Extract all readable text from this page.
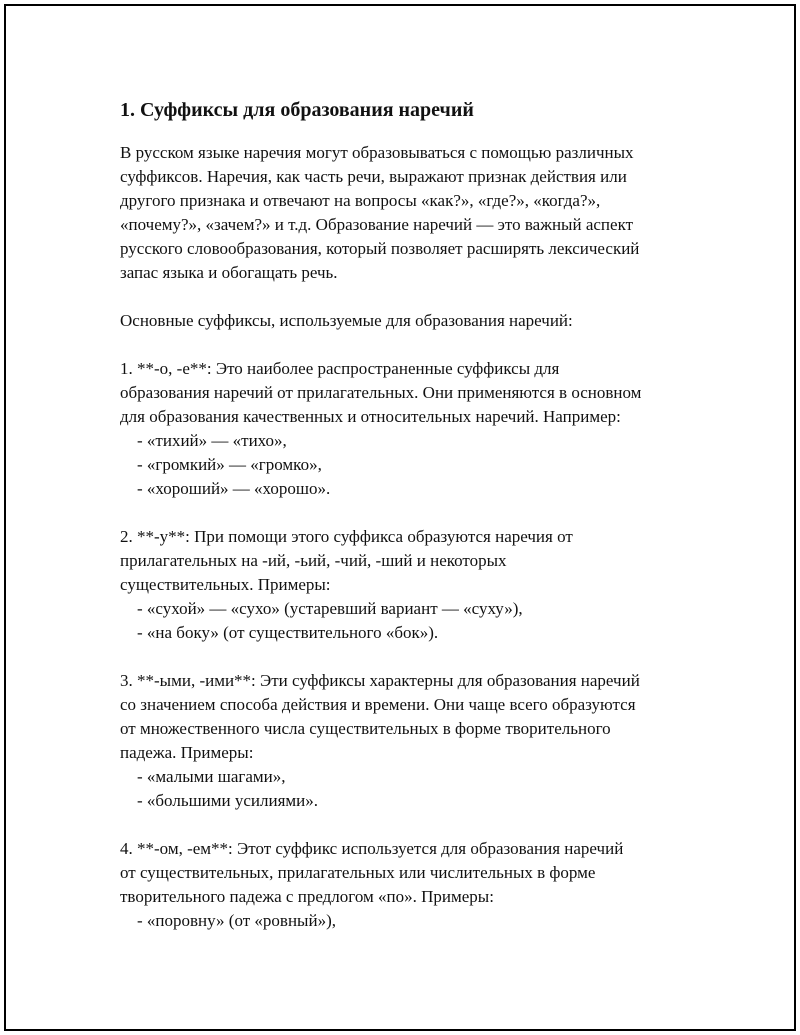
1. Суффиксы для образования наречий

В русском языке наречия могут образовываться с помощью различных

суффиксов. Наречия, как часть речи, выражают признак действия или

другого признака и отвечают на вопросы «как?», «где?», «когда?»,

«почему?», «зачем?» и т.д. Образование наречий — это важный аспект

русского словообразования, который позволяет расширять лексический

запас языка и обогащать речь.

Основные суффиксы, используемые для образования наречий:

1. **-о, -е**: Это наиболее распространенные суффиксы для

образования наречий от прилагательных. Они применяются в основном

для образования качественных и относительных наречий. Например:

- «тихий» — «тихо»,

- «громкий» — «громко»,

- «хороший» — «хорошо».

2. **-у**: При помощи этого суффикса образуются наречия от

прилагательных на -ий, -ьий, -чий, -ший и некоторых

существительных. Примеры:

- «сухой» — «сухо» (устаревший вариант — «суху»),

- «на боку» (от существительного «бок»).

3. **-ыми, -ими**: Эти суффиксы характерны для образования наречий

со значением способа действия и времени. Они чаще всего образуются

от множественного числа существительных в форме творительного

падежа. Примеры:

- «малыми шагами»,

- «большими усилиями».

4. **-ом, -ем**: Этот суффикс используется для образования наречий

от существительных, прилагательных или числительных в форме

творительного падежа с предлогом «по». Примеры:

- «поровну» (от «ровный»),
